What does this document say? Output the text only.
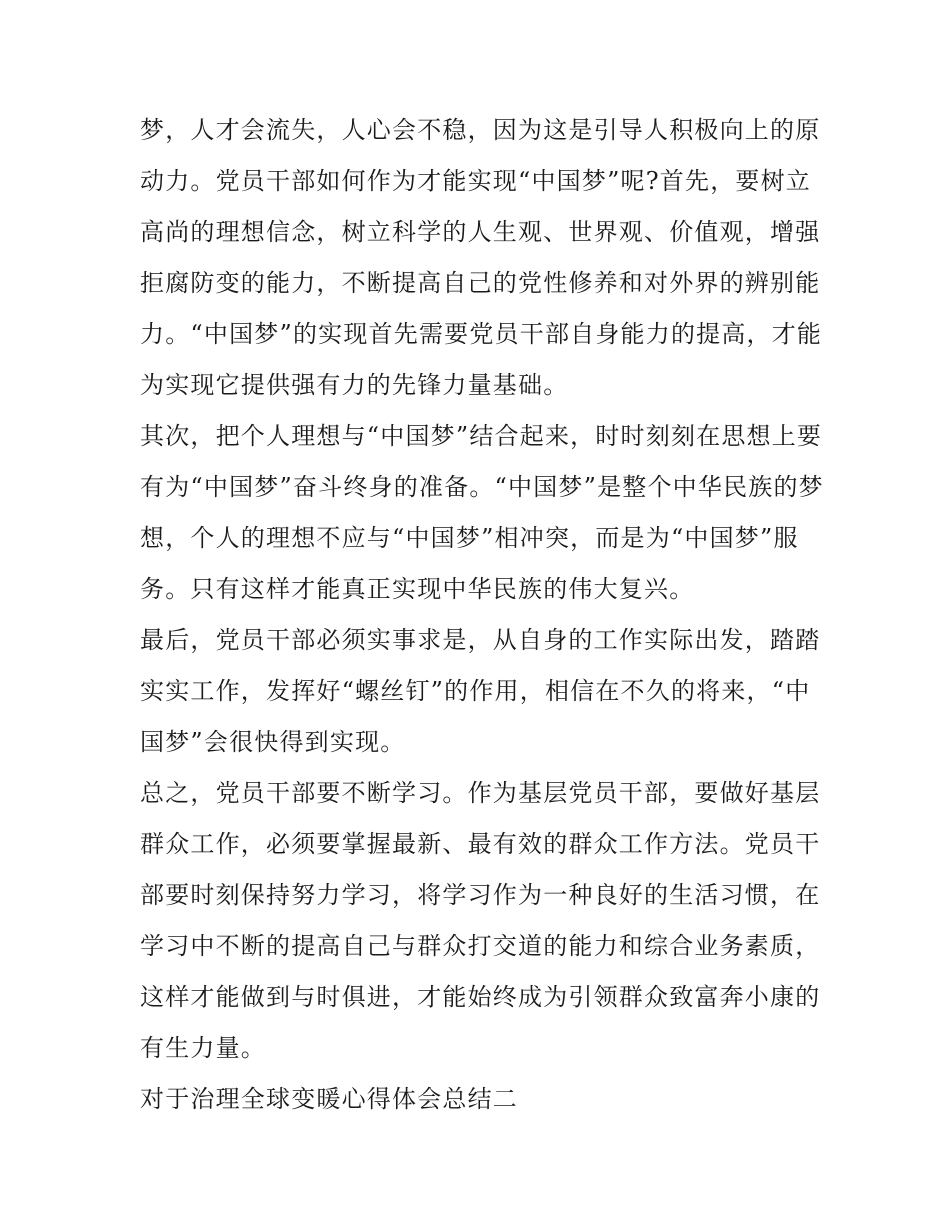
梦，人才会流失，人心会不稳，因为这是引导人积极向上的原
动力。党员干部如何作为才能实现“中国梦”呢?首先，要树立
高尚的理想信念，树立科学的人生观、世界观、价值观，增强
拒腐防变的能力，不断提高自己的党性修养和对外界的辨别能
力。“中国梦”的实现首先需要党员干部自身能力的提高，才能
为实现它提供强有力的先锋力量基础。
其次，把个人理想与“中国梦”结合起来，时时刻刻在思想上要
有为“中国梦”奋斗终身的准备。“中国梦”是整个中华民族的梦
想，个人的理想不应与“中国梦”相冲突，而是为“中国梦”服
务。只有这样才能真正实现中华民族的伟大复兴。
最后，党员干部必须实事求是，从自身的工作实际出发，踏踏
实实工作，发挥好“螺丝钉”的作用，相信在不久的将来，“中
国梦”会很快得到实现。
总之，党员干部要不断学习。作为基层党员干部，要做好基层
群众工作，必须要掌握最新、最有效的群众工作方法。党员干
部要时刻保持努力学习，将学习作为一种良好的生活习惯，在
学习中不断的提高自己与群众打交道的能力和综合业务素质，
这样才能做到与时俱进，才能始终成为引领群众致富奔小康的
有生力量。
对于治理全球变暖心得体会总结二
